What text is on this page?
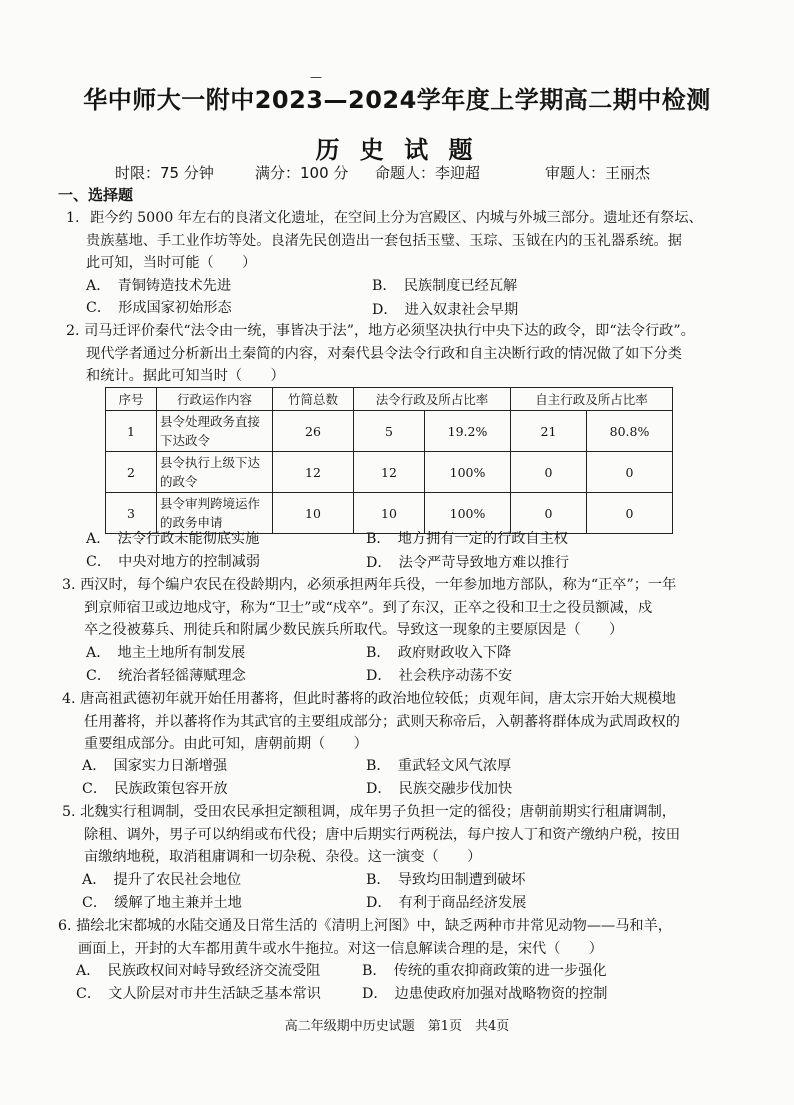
—
华中师大一附中2023—2024学年度上学期高二期中检测
历 史 试 题
时限：75 分钟	满分：100 分 命题人：李迎超	审题人：王丽杰
一、选择题
1. 距今约 5000 年左右的良渚文化遗址，在空间上分为宫殿区、内城与外城三部分。遗址还有祭坛、
贵族墓地、手工业作坊等处。良渚先民创造出一套包括玉璧、玉琮、玉钺在内的玉礼器系统。据
此可知，当时可能（　　）
A．　青铜铸造技术先进	B．　民族制度已经瓦解
C．　形成国家初始形态	D．　进入奴隶社会早期
2. 司马迁评价秦代“法令由一统，事皆决于法”，地方必须坚决执行中央下达的政令，即“法令行政”。
现代学者通过分析新出土秦简的内容，对秦代县令法令行政和自主决断行政的情况做了如下分类
和统计。据此可知当时（　　）
序号	行政运作内容	竹简总数	法令行政及所占比率		自主行政及所占比率	
1	县令处理政务直接下达政令	26	5	19.2%	21	80.8%
2	县令执行上级下达的政令	12	12	100%	0	0
3	县令审判跨境运作的政务申请	10	10	100%	0	0
A．　法令行政未能彻底实施	B．　地方拥有一定的行政自主权
C．　中央对地方的控制减弱	D．　法令严苛导致地方难以推行
3. 西汉时，每个编户农民在役龄期内，必须承担两年兵役，一年参加地方部队，称为“正卒”；一年
到京师宿卫或边地戍守，称为“卫士”或“戍卒”。到了东汉，正卒之役和卫士之役员额减，戍
卒之役被募兵、刑徒兵和附属少数民族兵所取代。导致这一现象的主要原因是（　　）
A．　地主土地所有制发展	B．　政府财政收入下降
C．　统治者轻徭薄赋理念	D．　社会秩序动荡不安
4. 唐高祖武德初年就开始任用蕃将，但此时蕃将的政治地位较低；贞观年间，唐太宗开始大规模地
任用蕃将，并以蕃将作为其武官的主要组成部分；武则天称帝后，入朝蕃将群体成为武周政权的
重要组成部分。由此可知，唐朝前期（　　）
A．　国家实力日渐增强	B．　重武轻文风气浓厚
C．　民族政策包容开放	D．　民族交融步伐加快
5. 北魏实行租调制，受田农民承担定额租调，成年男子负担一定的徭役；唐朝前期实行租庸调制，
除租、调外，男子可以纳绢或布代役；唐中后期实行两税法，每户按人丁和资产缴纳户税，按田
亩缴纳地税，取消租庸调和一切杂税、杂役。这一演变（　　）
A．　提升了农民社会地位	B．　导致均田制遭到破坏
C．　缓解了地主兼并土地	D．　有利于商品经济发展
6. 描绘北宋都城的水陆交通及日常生活的《清明上河图》中，缺乏两种市井常见动物——马和羊，
画面上，开封的大车都用黄牛或水牛拖拉。对这一信息解读合理的是，宋代（　　）
A．　民族政权间对峙导致经济交流受阻	B．　传统的重农抑商政策的进一步强化
C．　文人阶层对市井生活缺乏基本常识	D．　边患使政府加强对战略物资的控制
高二年级期中历史试题　第1页　共4页
